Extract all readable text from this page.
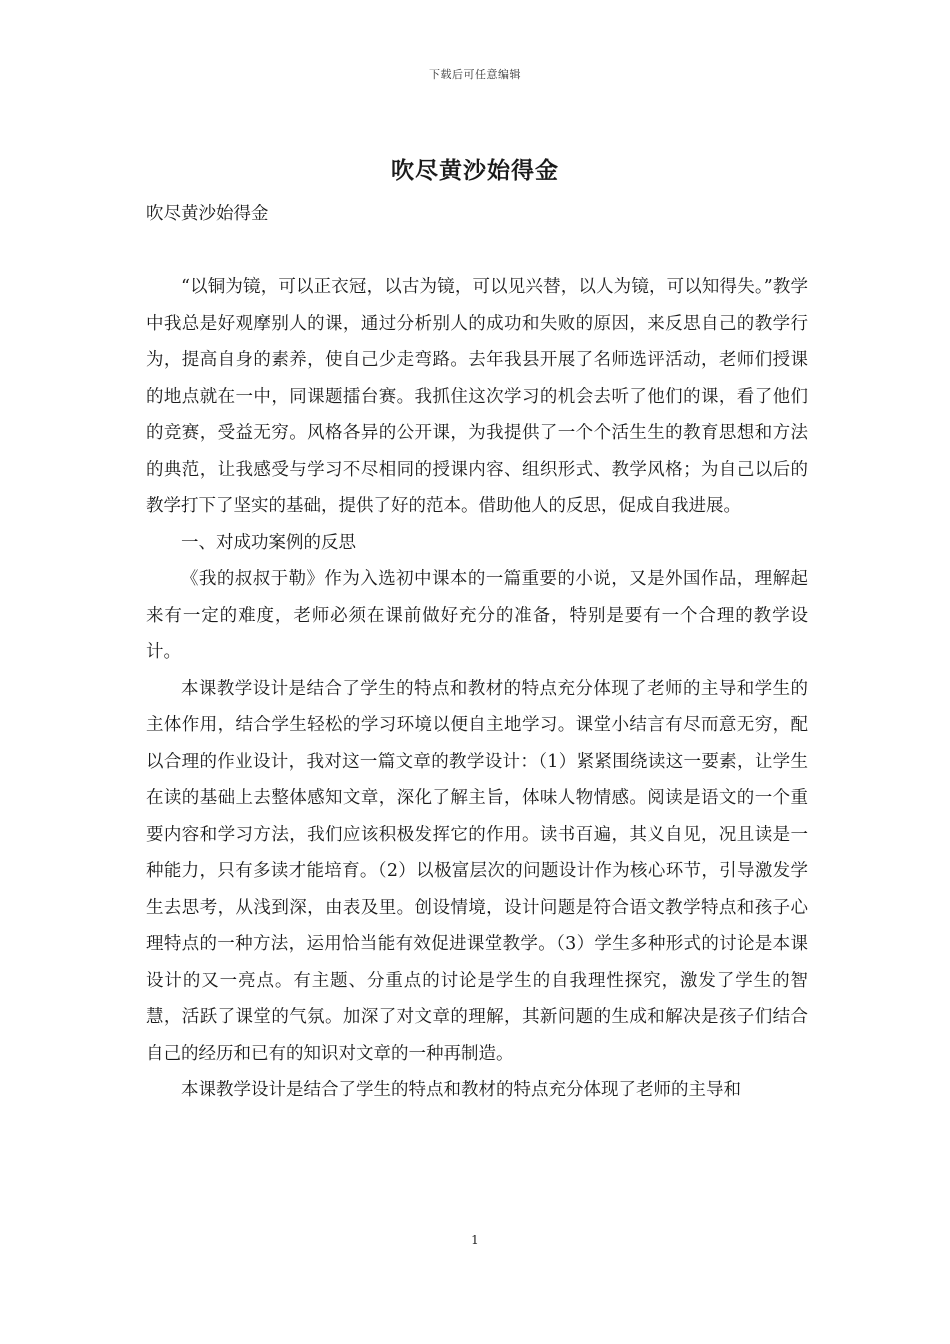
下载后可任意编辑
吹尽黄沙始得金

吹尽黄沙始得金

“以铜为镜，可以正衣冠，以古为镜，可以见兴替，以人为镜，可以知得失。”教学中我总是好观摩别人的课，通过分析别人的成功和失败的原因，来反思自己的教学行为，提高自身的素养，使自己少走弯路。去年我县开展了名师选评活动，老师们授课的地点就在一中，同课题擂台赛。我抓住这次学习的机会去听了他们的课，看了他们的竞赛，受益无穷。风格各异的公开课，为我提供了一个个活生生的教育思想和方法的典范，让我感受与学习不尽相同的授课内容、组织形式、教学风格；为自己以后的教学打下了坚实的基础，提供了好的范本。借助他人的反思，促成自我进展。

一、对成功案例的反思

《我的叔叔于勒》作为入选初中课本的一篇重要的小说，又是外国作品，理解起来有一定的难度，老师必须在课前做好充分的准备，特别是要有一个合理的教学设计。

本课教学设计是结合了学生的特点和教材的特点充分体现了老师的主导和学生的主体作用，结合学生轻松的学习环境以便自主地学习。课堂小结言有尽而意无穷，配以合理的作业设计，我对这一篇文章的教学设计：（1）紧紧围绕读这一要素，让学生在读的基础上去整体感知文章，深化了解主旨，体味人物情感。阅读是语文的一个重要内容和学习方法，我们应该积极发挥它的作用。读书百遍，其义自见，况且读是一种能力，只有多读才能培育。（2）以极富层次的问题设计作为核心环节，引导激发学生去思考，从浅到深，由表及里。创设情境，设计问题是符合语文教学特点和孩子心理特点的一种方法，运用恰当能有效促进课堂教学。（3）学生多种形式的讨论是本课设计的又一亮点。有主题、分重点的讨论是学生的自我理性探究，激发了学生的智慧，活跃了课堂的气氛。加深了对文章的理解，其新问题的生成和解决是孩子们结合自己的经历和已有的知识对文章的一种再制造。

本课教学设计是结合了学生的特点和教材的特点充分体现了老师的主导和

1
